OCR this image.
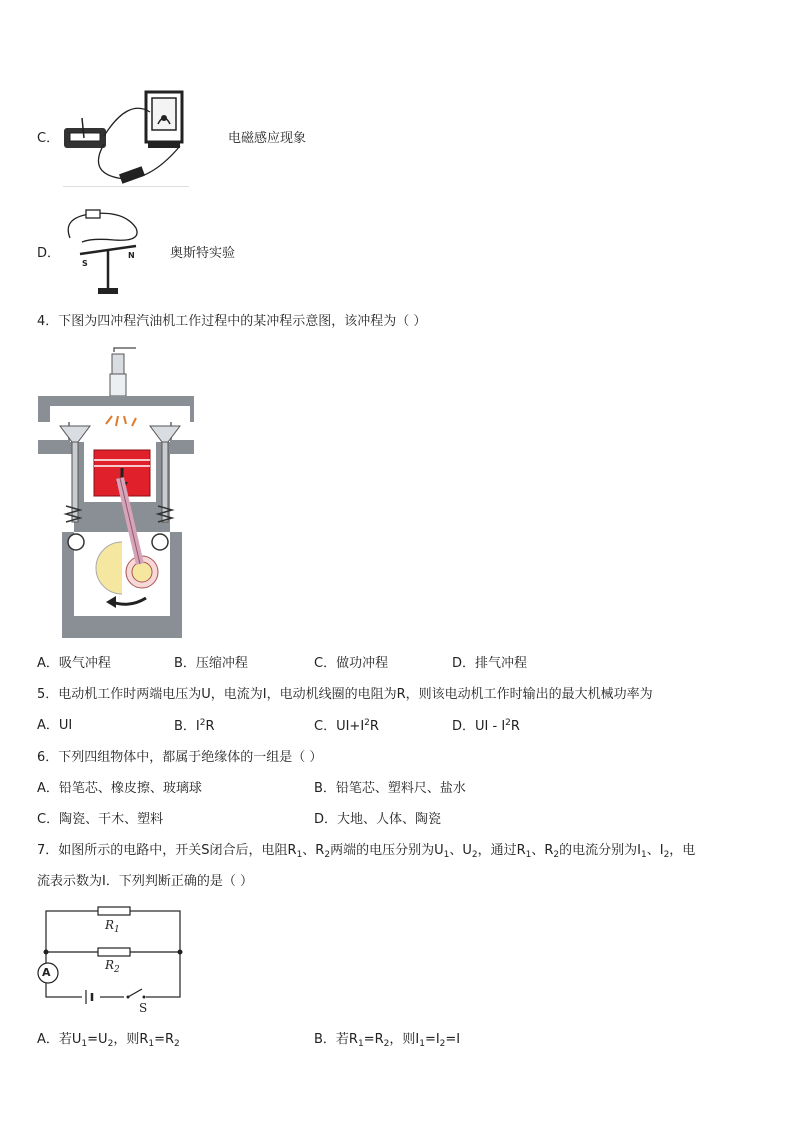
C．	电磁感应现象
D．
S
N	奥斯特实验
4．下图为四冲程汽油机工作过程中的某冲程示意图，该冲程为（ ）
A．吸气冲程	B．压缩冲程	C．做功冲程	D．排气冲程
5．电动机工作时两端电压为U，电流为I，电动机线圈的电阻为R，则该电动机工作时输出的最大机械功率为
A．UI	B．$I^2R$	C．$UI+I^2R$	D．UI - $I^2R$
6．下列四组物体中，都属于绝缘体的一组是（ ）
A．铅笔芯、橡皮擦、玻璃球	B．铅笔芯、塑料尺、盐水
C．陶瓷、干木、塑料	D．大地、人体、陶瓷
7．如图所示的电路中，开关S闭合后，电阻$R_1$、$R_2$两端的电压分别为$U_1$、$U_2$，通过$R_1$、$R_2$的电流分别为$I_1$、$I_2$，电
流表示数为I．下列判断正确的是（ ）
$R_1$
$R_2$
A
S
A．若$U_1=U_2$，则$R_1=R_2$	B．若$R_1=R_2$，则$I_1=I_2=I$
